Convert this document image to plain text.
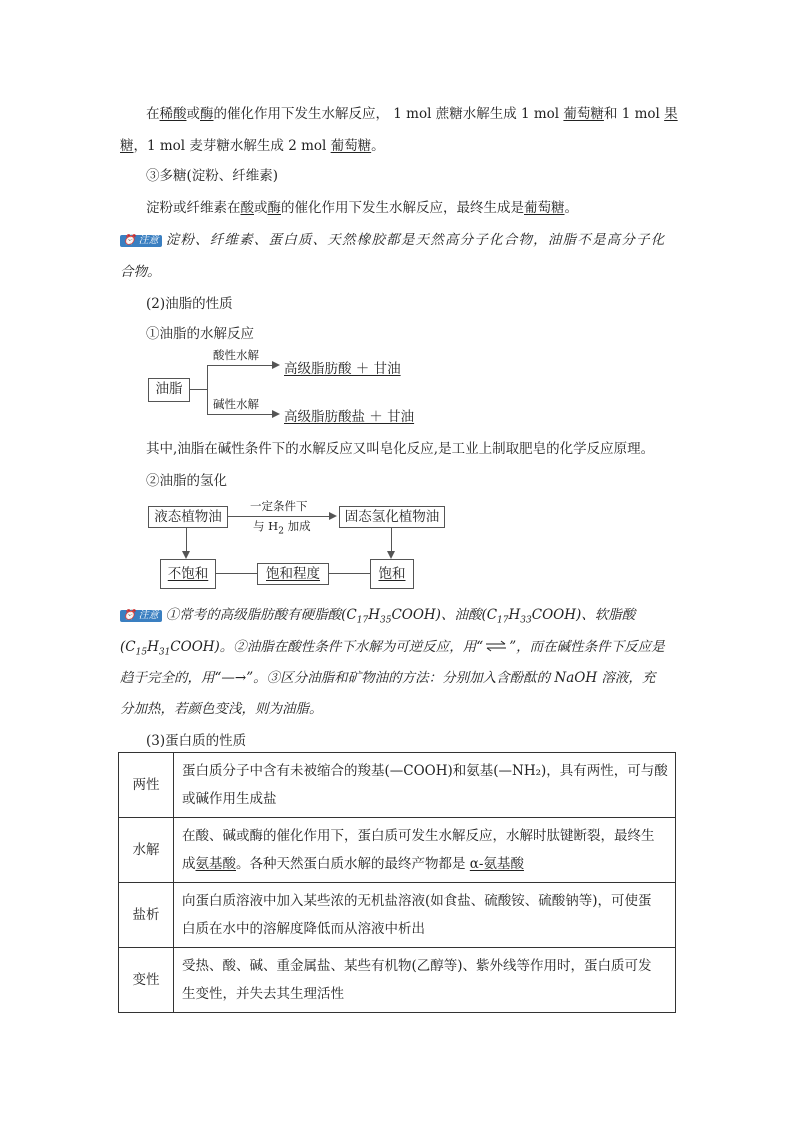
在稀酸或酶的催化作用下发生水解反应， 1 mol 蔗糖水解生成 1 mol 葡萄糖和 1 mol 果
糖，1 mol 麦芽糖水解生成 2 mol 葡萄糖。
③多糖(淀粉、纤维素)
淀粉或纤维素在酸或酶的催化作用下发生水解反应，最终生成是葡萄糖。
⏰ 注意 淀粉、纤维素、蛋白质、天然橡胶都是天然高分子化合物，油脂不是高分子化
合物。
(2)油脂的性质
①油脂的水解反应
油脂
酸性水解
碱性水解
高级脂肪酸 ＋ 甘油
高级脂肪酸盐 ＋ 甘油
其中,油脂在碱性条件下的水解反应又叫皂化反应,是工业上制取肥皂的化学反应原理。
②油脂的氢化
液态植物油
一定条件下
与 $H_2$ 加成
固态氢化植物油
不饱和	饱和程度	饱和
⏰ 注意 ①常考的高级脂肪酸有硬脂酸$(C_{17}H_{35}COOH)$、油酸$(C_{17}H_{33}COOH)$、软脂酸
$(C_{15}H_{31}COOH)$。②油脂在酸性条件下水解为可逆反应，用“ ⇌ ”，而在碱性条件下反应是
趋于完全的，用“—→”。③区分油脂和矿物油的方法：分别加入含酚酞的 NaOH 溶液，充
分加热，若颜色变浅，则为油脂。
(3)蛋白质的性质
两性	蛋白质分子中含有未被缩合的羧基(—COOH)和氨基(—NH₂)，具有两性，可与酸
或碱作用生成盐

水解	在酸、碱或酶的催化作用下，蛋白质可发生水解反应，水解时肽键断裂，最终生
成氨基酸。各种天然蛋白质水解的最终产物都是 α-氨基酸

盐析	向蛋白质溶液中加入某些浓的无机盐溶液(如食盐、硫酸铵、硫酸钠等)，可使蛋
白质在水中的溶解度降低而从溶液中析出

变性	受热、酸、碱、重金属盐、某些有机物(乙醇等)、紫外线等作用时，蛋白质可发
生变性，并失去其生理活性
